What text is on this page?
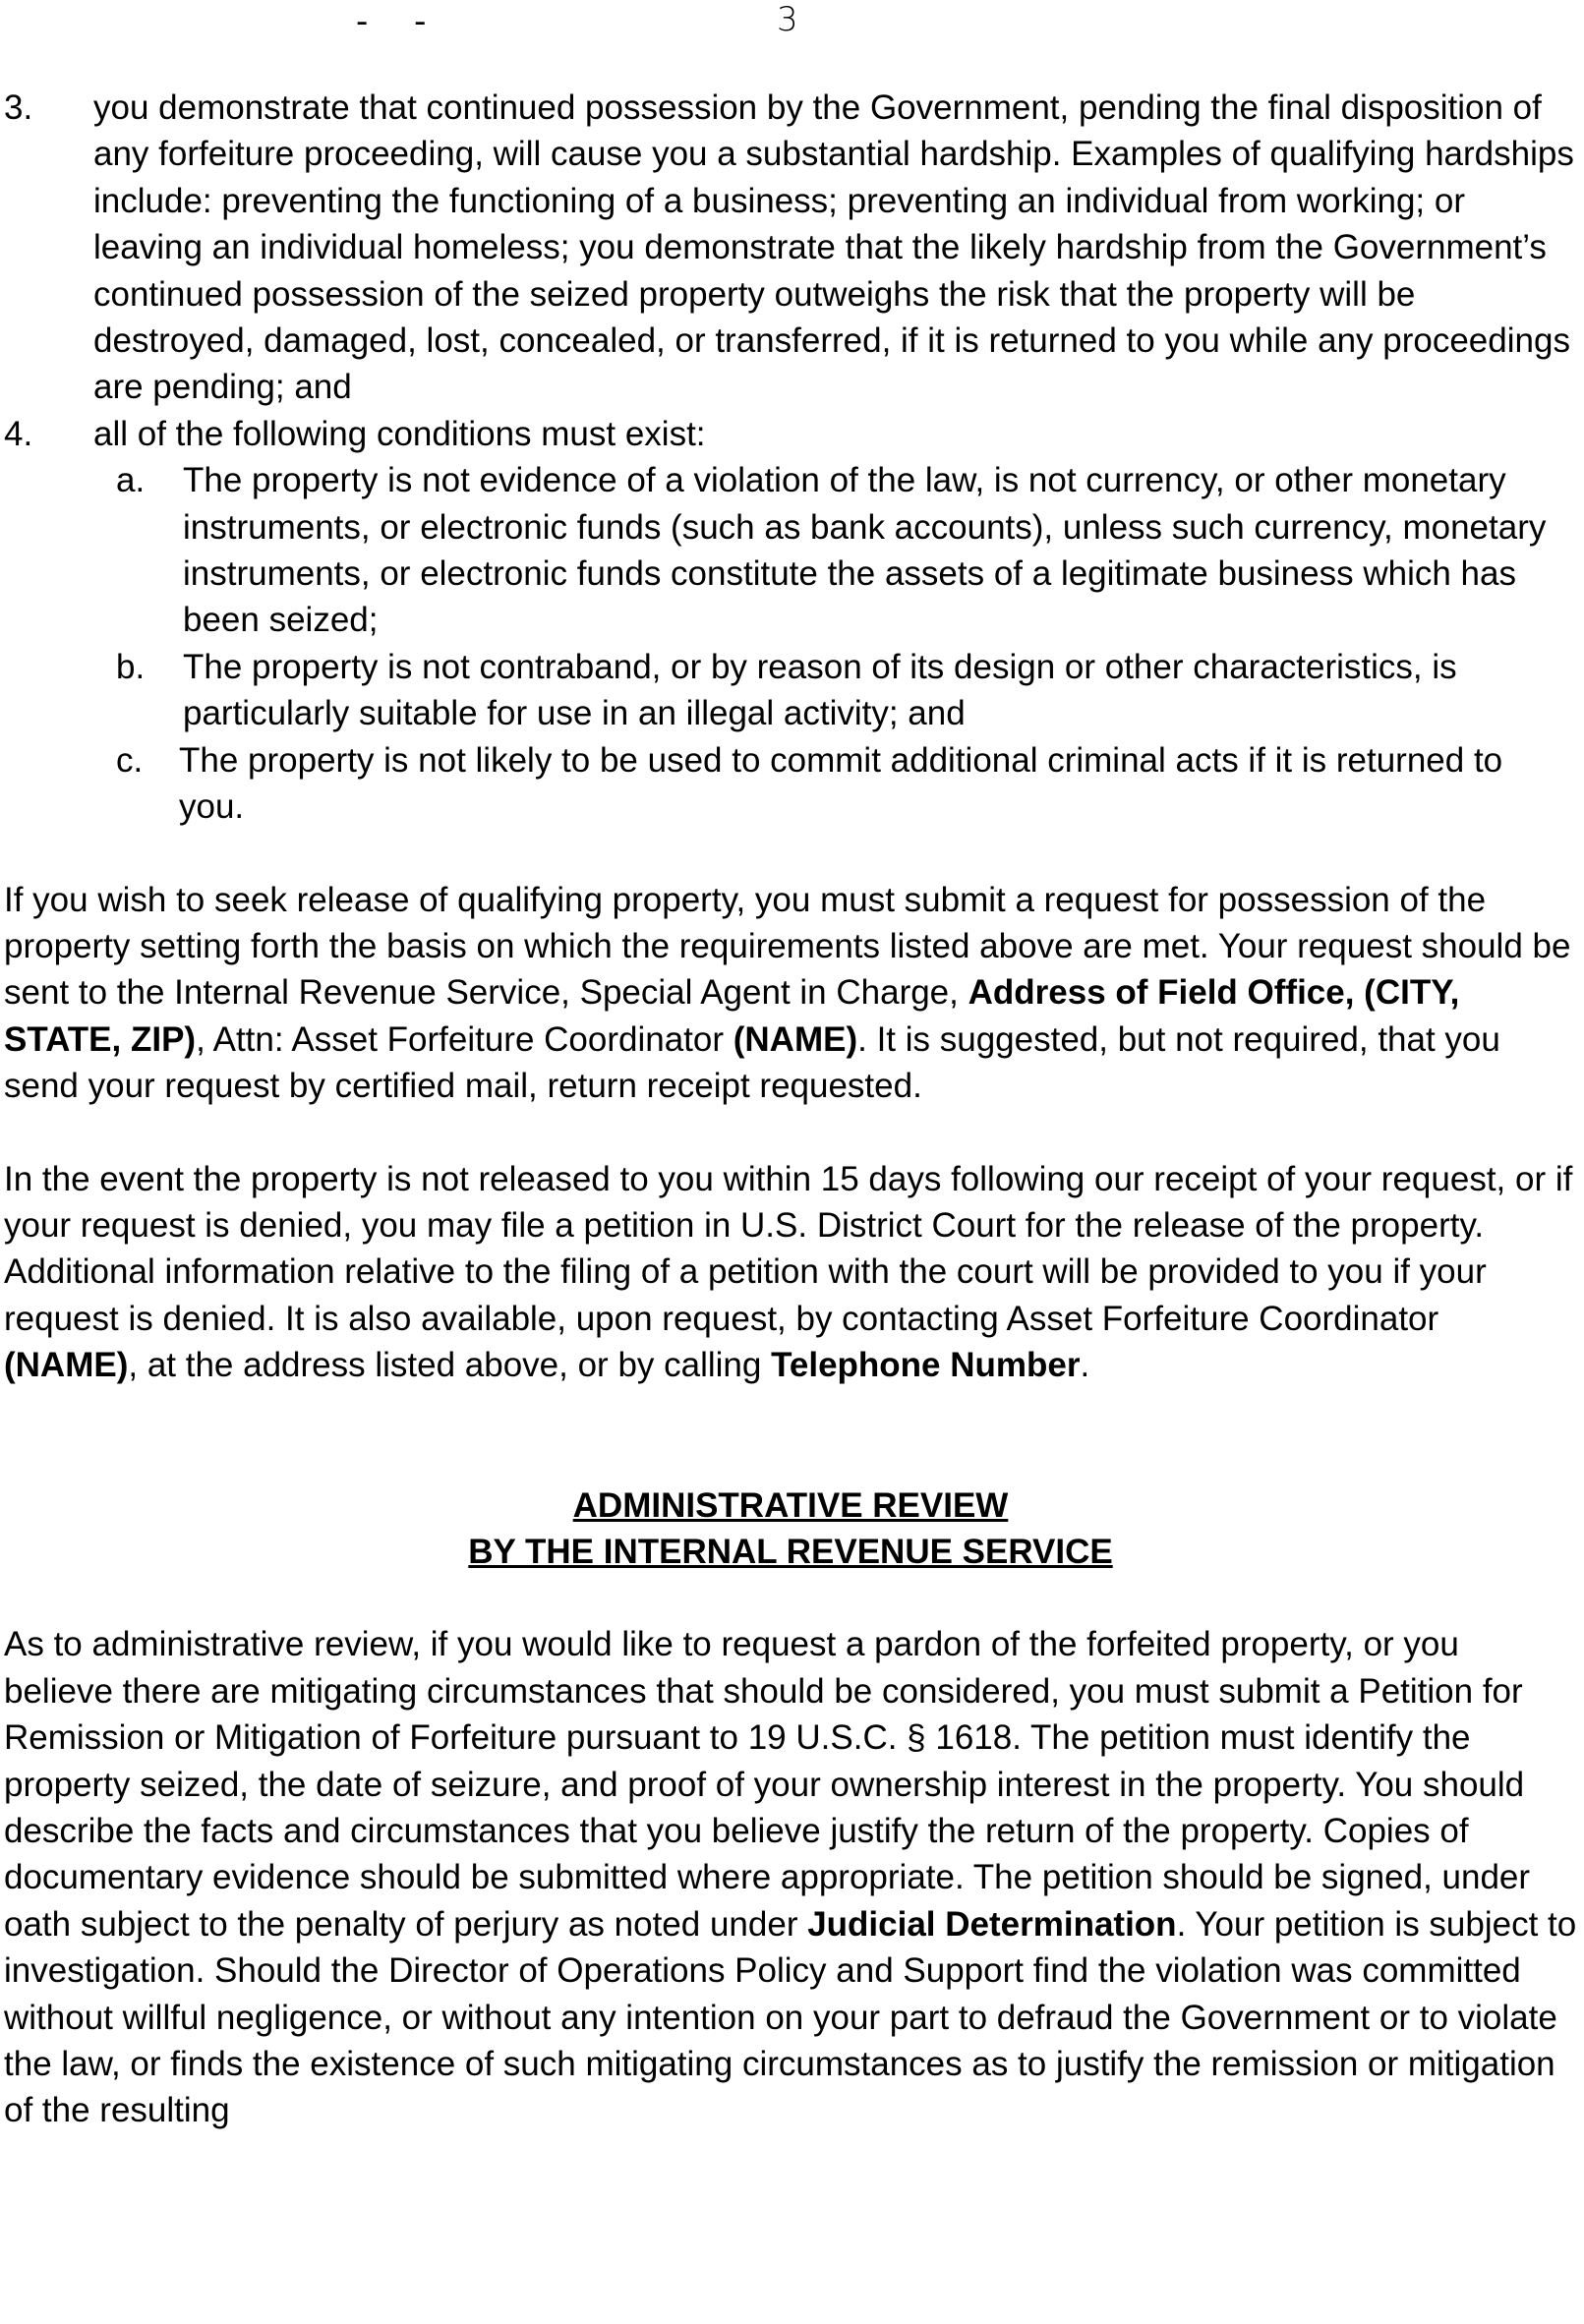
- -	3
3.	you demonstrate that continued possession by the Government, pending the final disposition of any forfeiture proceeding, will cause you a substantial hardship. Examples of qualifying hardships include: preventing the functioning of a business; preventing an individual from working; or leaving an individual homeless; you demonstrate that the likely hardship from the Government’s continued possession of the seized property outweighs the risk that the property will be destroyed, damaged, lost, concealed, or transferred, if it is returned to you while any proceedings are pending; and
4.	all of the following conditions must exist:
a.	The property is not evidence of a violation of the law, is not currency, or other monetary instruments, or electronic funds (such as bank accounts), unless such currency, monetary instruments, or electronic funds constitute the assets of a legitimate business which has been seized;
b.	The property is not contraband, or by reason of its design or other characteristics, is particularly suitable for use in an illegal activity; and
c.	The property is not likely to be used to commit additional criminal acts if it is returned to you.

If you wish to seek release of qualifying property, you must submit a request for possession of the property setting forth the basis on which the requirements listed above are met. Your request should be sent to the Internal Revenue Service, Special Agent in Charge, Address of Field Office, (CITY, STATE, ZIP), Attn: Asset Forfeiture Coordinator (NAME). It is suggested, but not required, that you send your request by certified mail, return receipt requested.

In the event the property is not released to you within 15 days following our receipt of your request, or if your request is denied, you may file a petition in U.S. District Court for the release of the property. Additional information relative to the filing of a petition with the court will be provided to you if your request is denied. It is also available, upon request, by contacting Asset Forfeiture Coordinator (NAME), at the address listed above, or by calling Telephone Number.

ADMINISTRATIVE REVIEW
BY THE INTERNAL REVENUE SERVICE

As to administrative review, if you would like to request a pardon of the forfeited property, or you believe there are mitigating circumstances that should be considered, you must submit a Petition for Remission or Mitigation of Forfeiture pursuant to 19 U.S.C. § 1618. The petition must identify the property seized, the date of seizure, and proof of your ownership interest in the property. You should describe the facts and circumstances that you believe justify the return of the property. Copies of documentary evidence should be submitted where appropriate. The petition should be signed, under oath subject to the penalty of perjury as noted under Judicial Determination. Your petition is subject to investigation. Should the Director of Operations Policy and Support find the violation was committed without willful negligence, or without any intention on your part to defraud the Government or to violate the law, or finds the existence of such mitigating circumstances as to justify the remission or mitigation of the resulting
